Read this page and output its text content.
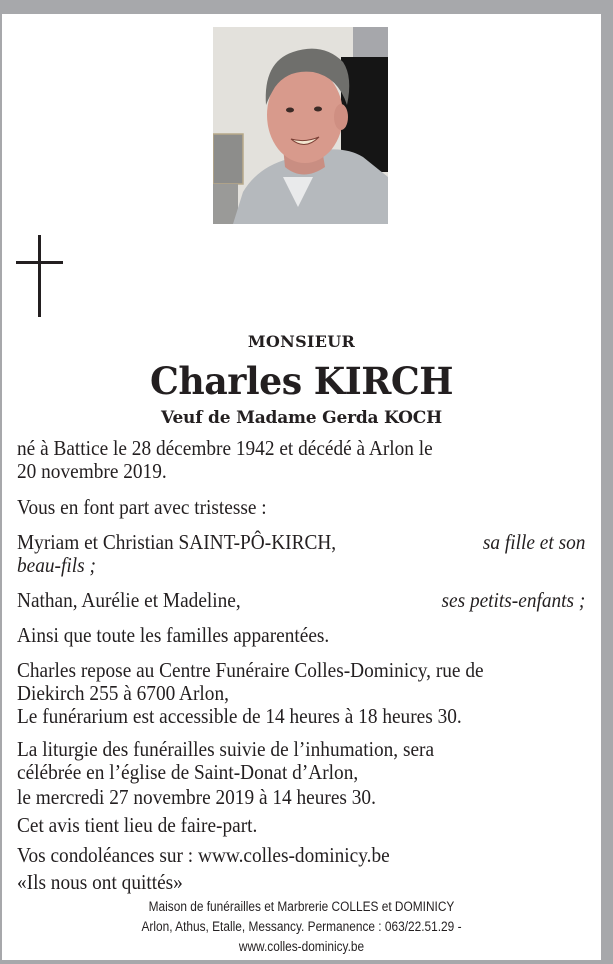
MONSIEUR
Charles KIRCH
Veuf de Madame Gerda KOCH
né à Battice le 28 décembre 1942 et décédé à Arlon le
20 novembre 2019.
Vous en font part avec tristesse :
Myriam et Christian SAINT-PÔ-KIRCH,	sa fille et son
beau-fils ;
Nathan, Aurélie et Madeline,	ses petits-enfants ;
Ainsi que toute les familles apparentées.
Charles repose au Centre Funéraire Colles-Dominicy, rue de
Diekirch 255 à 6700 Arlon,
Le funérarium est accessible de 14 heures à 18 heures 30.
La liturgie des funérailles suivie de l’inhumation, sera
célébrée en l’église de Saint-Donat d’Arlon,
le mercredi 27 novembre 2019 à 14 heures 30.
Cet avis tient lieu de faire-part.
Vos condoléances sur : www.colles-dominicy.be
«Ils nous ont quittés»
Maison de funérailles et Marbrerie COLLES et DOMINICY
Arlon, Athus, Etalle, Messancy. Permanence : 063/22.51.29 -
www.colles-dominicy.be
